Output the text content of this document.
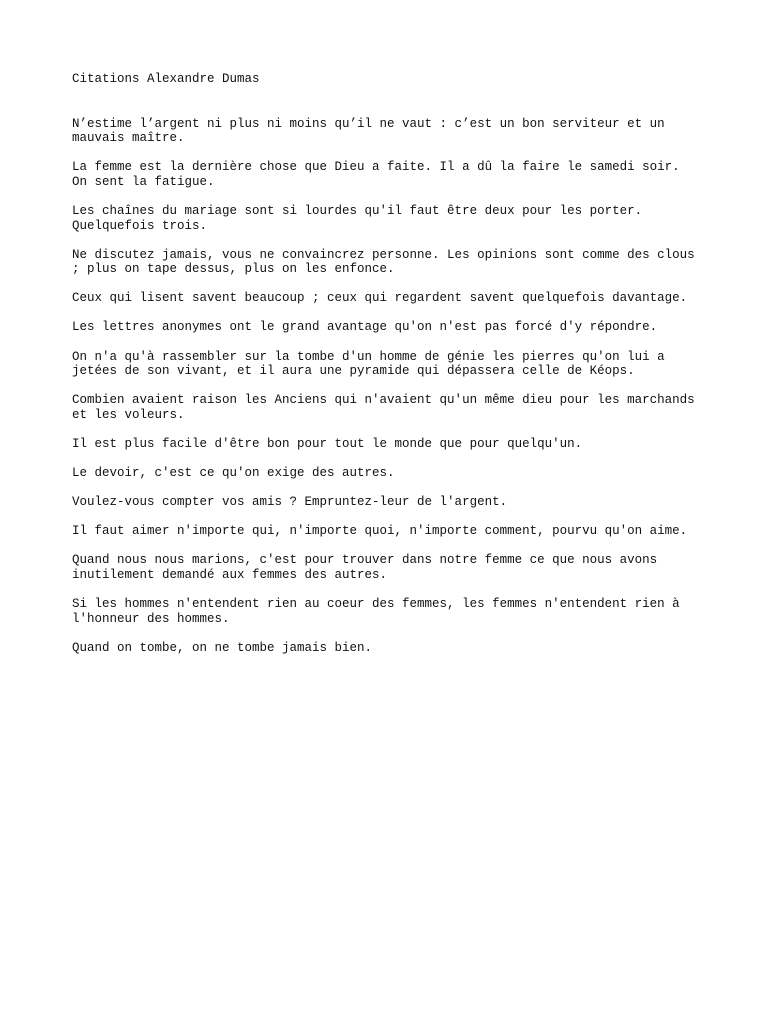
Citations Alexandre Dumas

N’estime l’argent ni plus ni moins qu’il ne vaut : c’est un bon serviteur et un mauvais maître.

La femme est la dernière chose que Dieu a faite. Il a dû la faire le samedi soir. On sent la fatigue.

Les chaînes du mariage sont si lourdes qu'il faut être deux pour les porter. Quelquefois trois.

Ne discutez jamais, vous ne convaincrez personne. Les opinions sont comme des clous ; plus on tape dessus, plus on les enfonce.

Ceux qui lisent savent beaucoup ; ceux qui regardent savent quelquefois davantage.

Les lettres anonymes ont le grand avantage qu'on n'est pas forcé d'y répondre.

On n'a qu'à rassembler sur la tombe d'un homme de génie les pierres qu'on lui a jetées de son vivant, et il aura une pyramide qui dépassera celle de Kéops.

Combien avaient raison les Anciens qui n'avaient qu'un même dieu pour les marchands et les voleurs.

Il est plus facile d'être bon pour tout le monde que pour quelqu'un.

Le devoir, c'est ce qu'on exige des autres.

Voulez-vous compter vos amis ? Empruntez-leur de l'argent.

Il faut aimer n'importe qui, n'importe quoi, n'importe comment, pourvu qu'on aime.

Quand nous nous marions, c'est pour trouver dans notre femme ce que nous avons inutilement demandé aux femmes des autres.

Si les hommes n'entendent rien au coeur des femmes, les femmes n'entendent rien à l'honneur des hommes.

Quand on tombe, on ne tombe jamais bien.
